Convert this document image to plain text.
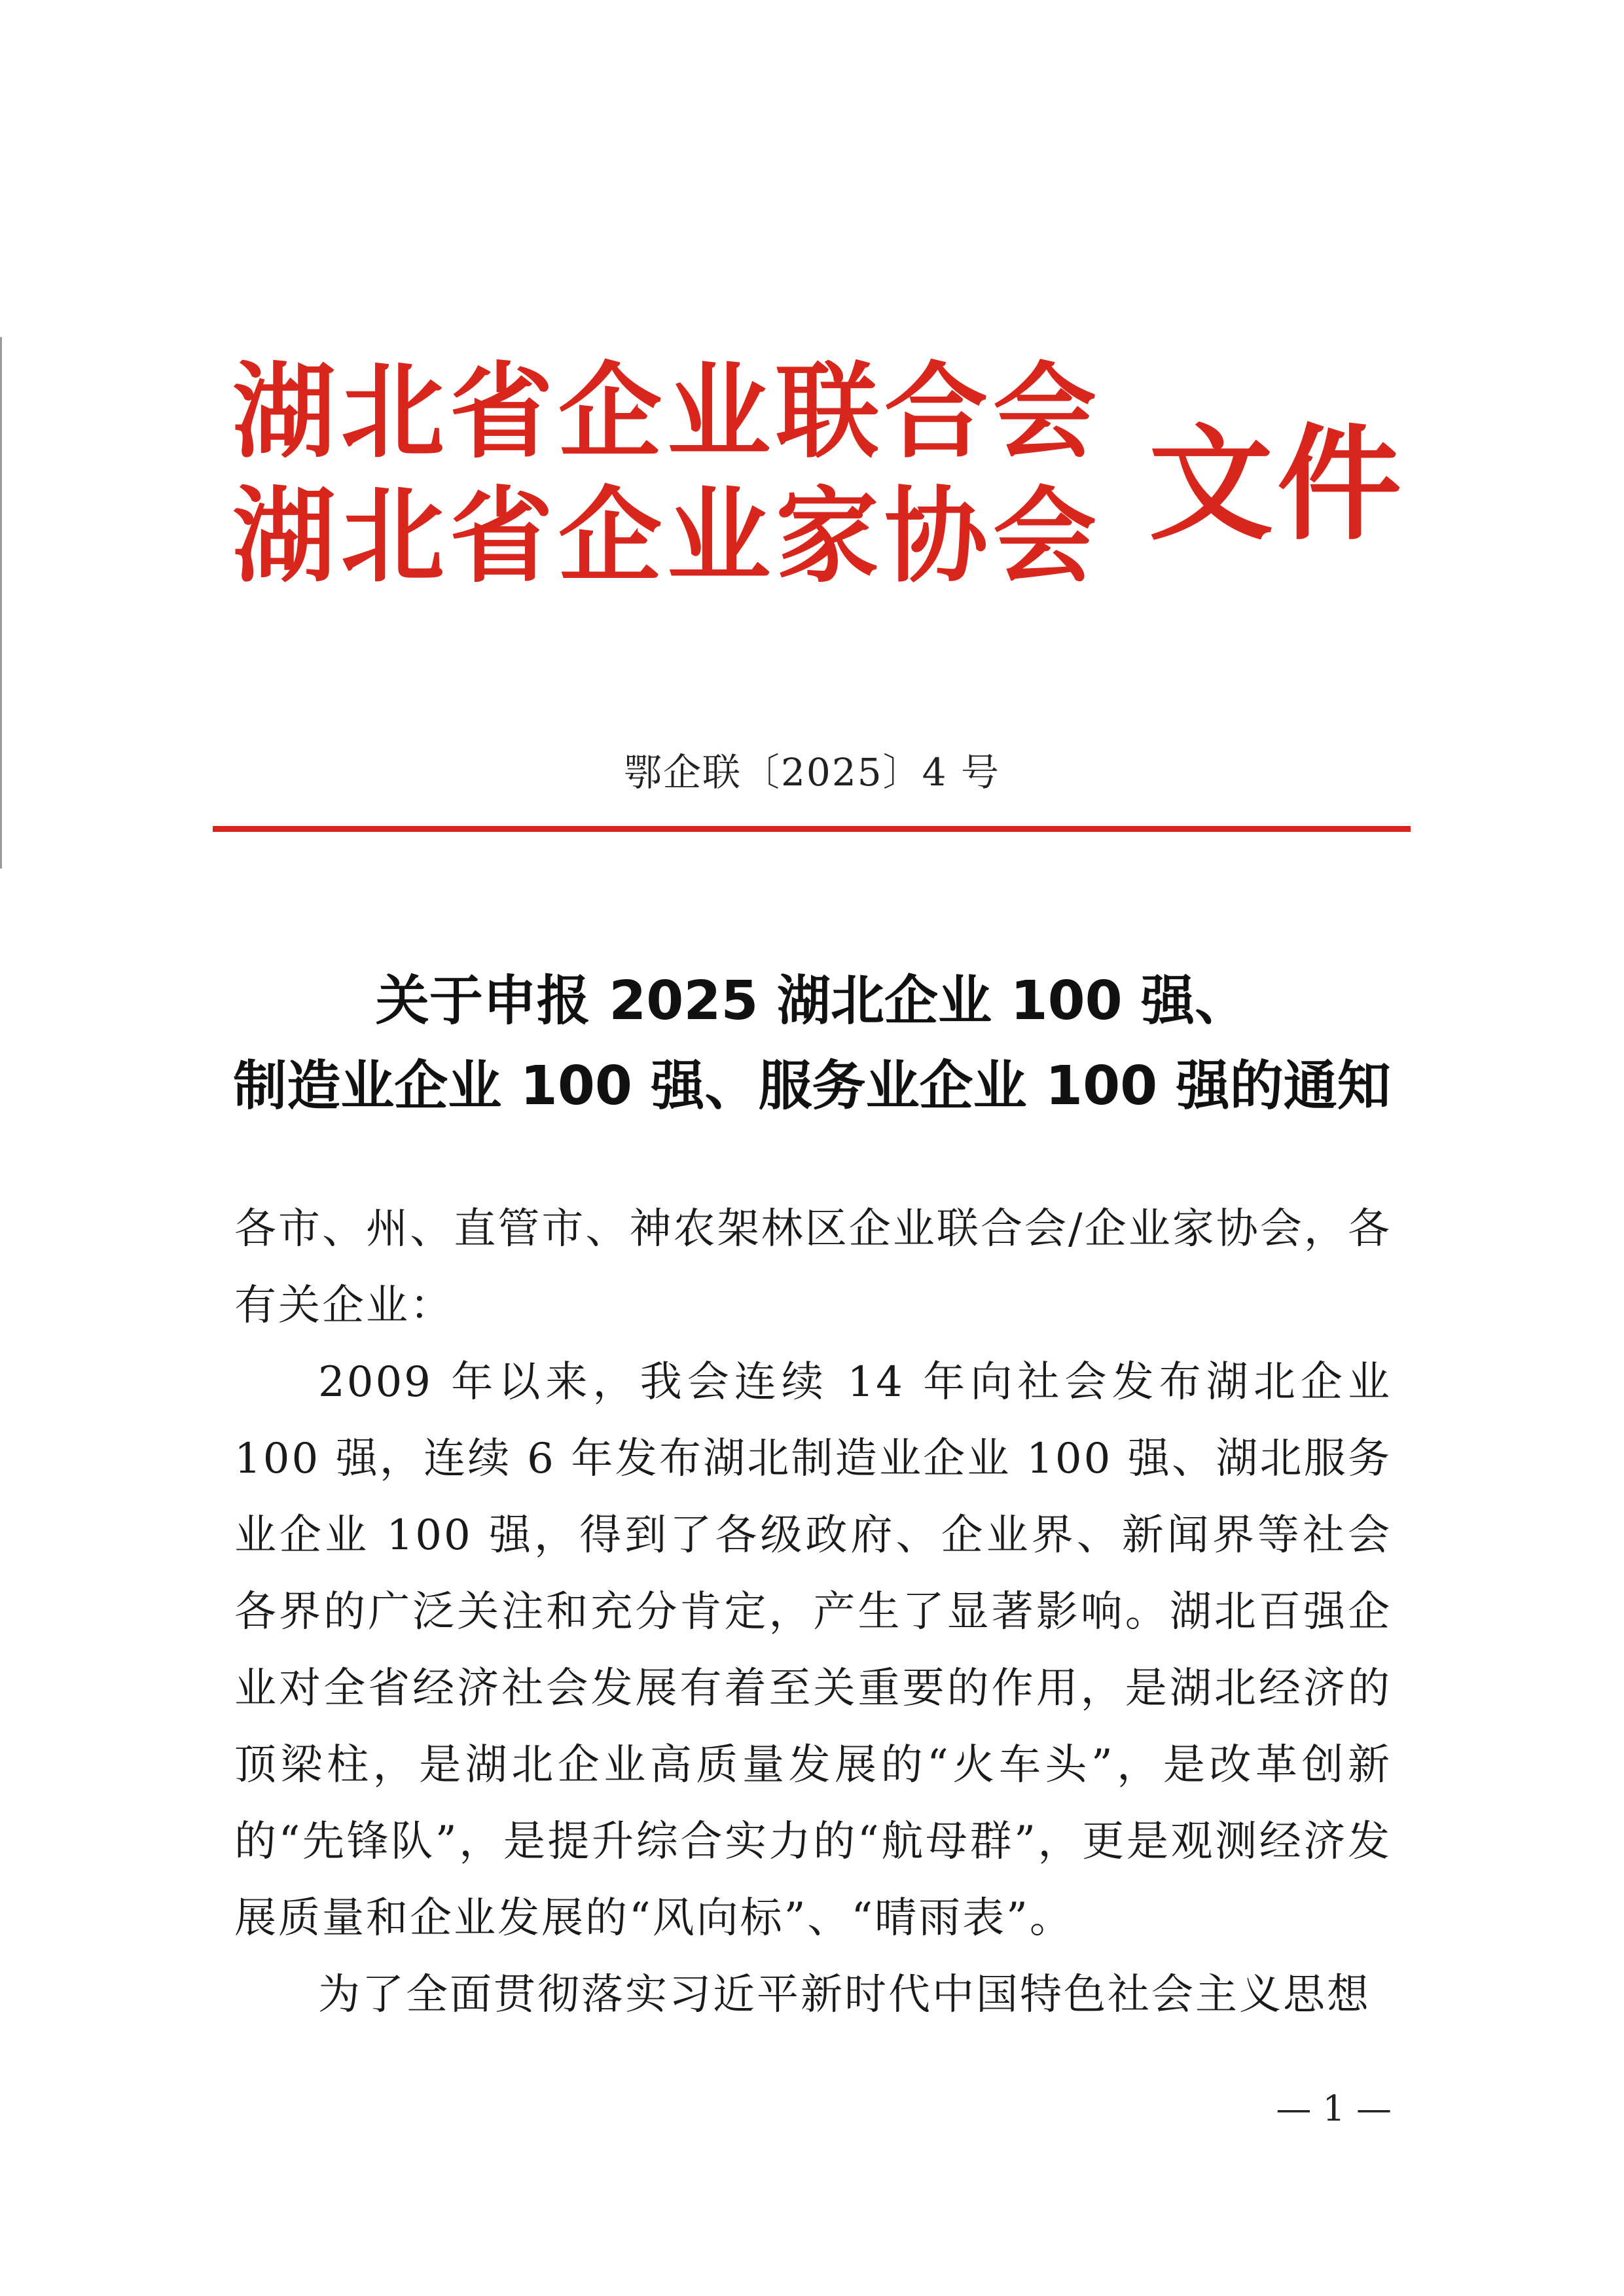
湖北省企业联合会
湖北省企业家协会 文件
鄂企联〔2025〕4 号
关于申报 2025 湖北企业 100 强、
制造业企业 100 强、服务业企业 100 强的通知

各市、州、直管市、神农架林区企业联合会/企业家协会，各有关企业：

2009 年以来，我会连续 14 年向社会发布湖北企业 100 强，连续 6 年发布湖北制造业企业 100 强、湖北服务业企业 100 强，得到了各级政府、企业界、新闻界等社会各界的广泛关注和充分肯定，产生了显著影响。湖北百强企业对全省经济社会发展有着至关重要的作用，是湖北经济的顶梁柱，是湖北企业高质量发展的“火车头”，是改革创新的“先锋队”，是提升综合实力的“航母群”，更是观测经济发展质量和企业发展的“风向标”、“晴雨表”。

为了全面贯彻落实习近平新时代中国特色社会主义思想

— 1 —
